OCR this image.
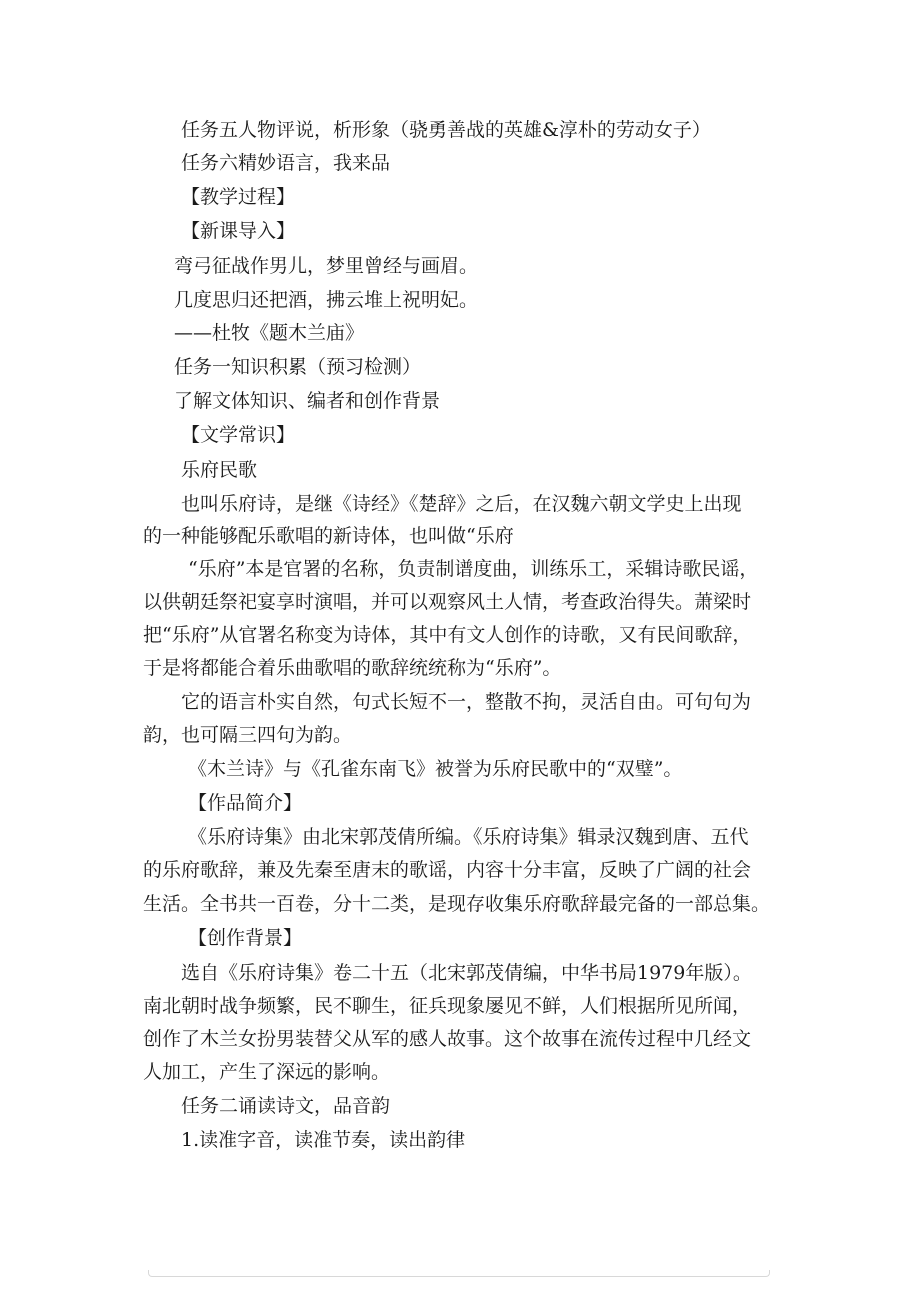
任务五人物评说，析形象（骁勇善战的英雄&淳朴的劳动女子）
任务六精妙语言，我来品
【教学过程】
【新课导入】
弯弓征战作男儿，梦里曾经与画眉。
几度思归还把酒，拂云堆上祝明妃。
——杜牧《题木兰庙》
任务一知识积累（预习检测）
了解文体知识、编者和创作背景
【文学常识】
乐府民歌
也叫乐府诗，是继《诗经》《楚辞》之后，在汉魏六朝文学史上出现
的一种能够配乐歌唱的新诗体，也叫做“乐府
“乐府”本是官署的名称，负责制谱度曲，训练乐工，采辑诗歌民谣，
以供朝廷祭祀宴享时演唱，并可以观察风土人情，考查政治得失。萧梁时
把“乐府”从官署名称变为诗体，其中有文人创作的诗歌，又有民间歌辞，
于是将都能合着乐曲歌唱的歌辞统统称为“乐府”。
它的语言朴实自然，句式长短不一，整散不拘，灵活自由。可句句为
韵，也可隔三四句为韵。
《木兰诗》与《孔雀东南飞》被誉为乐府民歌中的“双璧”。
【作品简介】
《乐府诗集》由北宋郭茂倩所编。《乐府诗集》辑录汉魏到唐、五代
的乐府歌辞，兼及先秦至唐末的歌谣，内容十分丰富，反映了广阔的社会
生活。全书共一百卷，分十二类，是现存收集乐府歌辞最完备的一部总集。
【创作背景】
选自《乐府诗集》卷二十五（北宋郭茂倩编，中华书局1979年版）。
南北朝时战争频繁，民不聊生，征兵现象屡见不鲜，人们根据所见所闻，
创作了木兰女扮男装替父从军的感人故事。这个故事在流传过程中几经文
人加工，产生了深远的影响。
任务二诵读诗文，品音韵
1.读准字音，读准节奏，读出韵律
